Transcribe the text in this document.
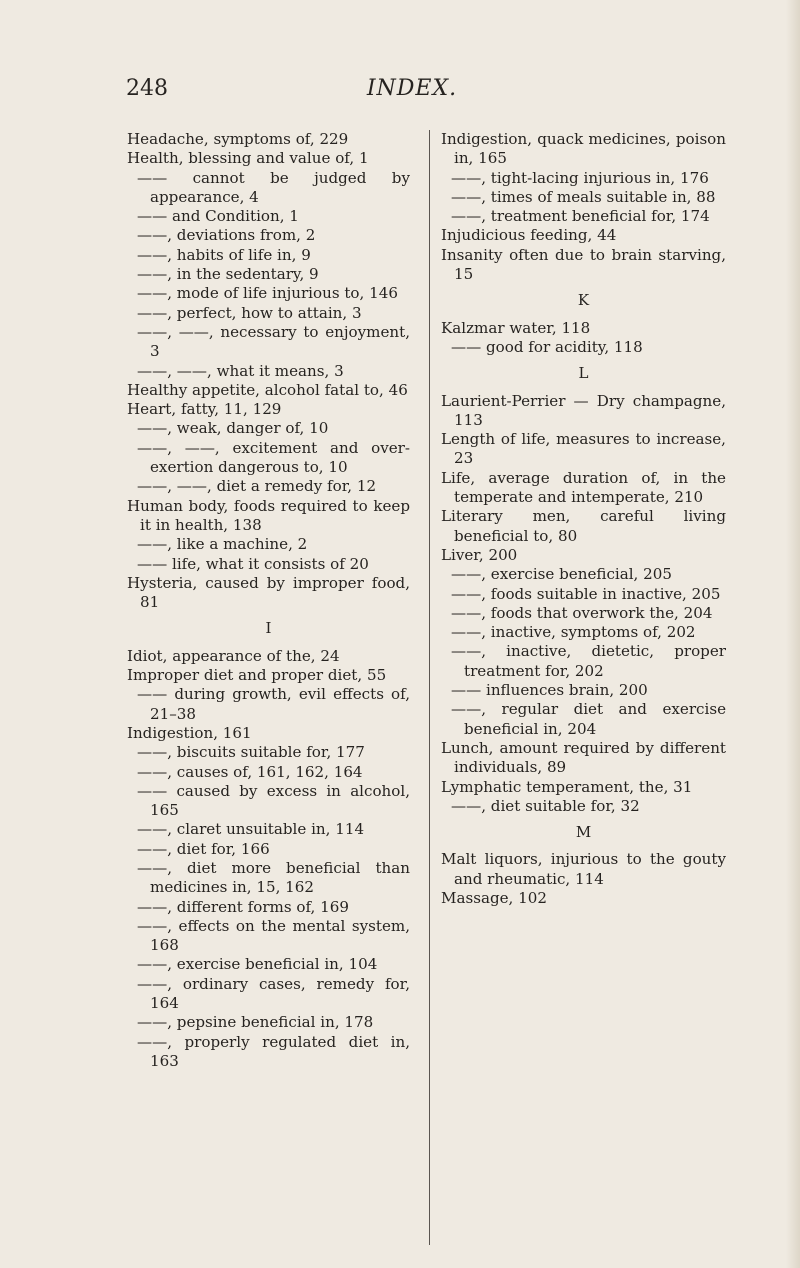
248	INDEX.
Headache, symptoms of, 229
Health, blessing and value of, 1
—— cannot be judged by appearance, 4
—— and Condition, 1
——, deviations from, 2
——, habits of life in, 9
——, in the sedentary, 9
——, mode of life injurious to, 146
——, perfect, how to attain, 3
——, ——, necessary to enjoyment, 3
——, ——, what it means, 3
Healthy appetite, alcohol fatal to, 46
Heart, fatty, 11, 129
——, weak, danger of, 10
——, ——, excitement and over-exertion dangerous to, 10
——, ——, diet a remedy for, 12
Human body, foods required to keep it in health, 138
——, like a machine, 2
—— life, what it consists of 20
Hysteria, caused by improper food, 81
I
Idiot, appearance of the, 24
Improper diet and proper diet, 55
—— during growth, evil effects of, 21–38
Indigestion, 161
——, biscuits suitable for, 177
——, causes of, 161, 162, 164
—— caused by excess in alcohol, 165
——, claret unsuitable in, 114
——, diet for, 166
——, diet more beneficial than medicines in, 15, 162
——, different forms of, 169
——, effects on the mental system, 168
——, exercise beneficial in, 104
——, ordinary cases, remedy for, 164
——, pepsine beneficial in, 178
——, properly regulated diet in, 163
Indigestion, quack medicines, poison in, 165
——, tight-lacing injurious in, 176
——, times of meals suitable in, 88
——, treatment beneficial for, 174
Injudicious feeding, 44
Insanity often due to brain starving, 15
K
Kalzmar water, 118
—— good for acidity, 118
L
Laurient-Perrier — Dry champagne, 113
Length of life, measures to increase, 23
Life, average duration of, in the temperate and intemperate, 210
Literary men, careful living beneficial to, 80
Liver, 200
——, exercise beneficial, 205
——, foods suitable in inactive, 205
——, foods that overwork the, 204
——, inactive, symptoms of, 202
——, inactive, dietetic, proper treatment for, 202
—— influences brain, 200
——, regular diet and exercise beneficial in, 204
Lunch, amount required by different individuals, 89
Lymphatic temperament, the, 31
——, diet suitable for, 32
M
Malt liquors, injurious to the gouty and rheumatic, 114
Massage, 102
